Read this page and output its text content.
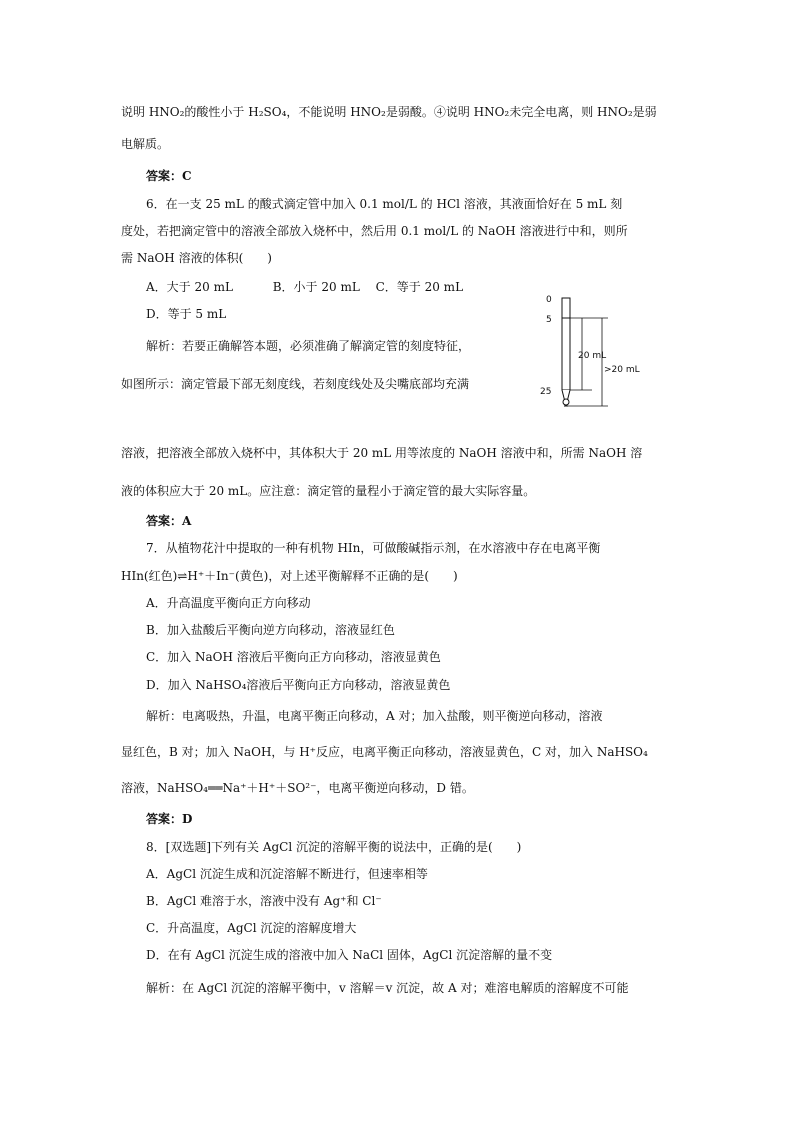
说明 HNO₂的酸性小于 H₂SO₄，不能说明 HNO₂是弱酸。④说明 HNO₂未完全电离，则 HNO₂是弱
电解质。
答案：C
6．在一支 25 mL 的酸式滴定管中加入 0.1 mol/L 的 HCl 溶液，其液面恰好在 5 mL 刻
度处，若把滴定管中的溶液全部放入烧杯中，然后用 0.1 mol/L 的 NaOH 溶液进行中和，则所
需 NaOH 溶液的体积(　　)
A．大于 20 mL　　　 B．小于 20 mL　 C．等于 20 mL
D．等于 5 mL
解析：若要正确解答本题，必须准确了解滴定管的刻度特征，
如图所示：滴定管最下部无刻度线，若刻度线处及尖嘴底部均充满
0
5
25
20 mL
>20 mL
溶液，把溶液全部放入烧杯中，其体积大于 20 mL 用等浓度的 NaOH 溶液中和，所需 NaOH 溶
液的体积应大于 20 mL。应注意：滴定管的量程小于滴定管的最大实际容量。
答案：A
7．从植物花汁中提取的一种有机物 HIn，可做酸碱指示剂，在水溶液中存在电离平衡
HIn(红色)⇌H⁺＋In⁻(黄色)，对上述平衡解释不正确的是(　　)
A．升高温度平衡向正方向移动
B．加入盐酸后平衡向逆方向移动，溶液显红色
C．加入 NaOH 溶液后平衡向正方向移动，溶液显黄色
D．加入 NaHSO₄溶液后平衡向正方向移动，溶液显黄色
解析：电离吸热，升温，电离平衡正向移动，A 对；加入盐酸，则平衡逆向移动，溶液
显红色，B 对；加入 NaOH，与 H⁺反应，电离平衡正向移动，溶液显黄色，C 对，加入 NaHSO₄
溶液，NaHSO₄══Na⁺＋H⁺＋SO²⁻，电离平衡逆向移动，D 错。
答案：D
8．[双选题]下列有关 AgCl 沉淀的溶解平衡的说法中，正确的是(　　)
A．AgCl 沉淀生成和沉淀溶解不断进行，但速率相等
B．AgCl 难溶于水，溶液中没有 Ag⁺和 Cl⁻
C．升高温度，AgCl 沉淀的溶解度增大
D．在有 AgCl 沉淀生成的溶液中加入 NaCl 固体，AgCl 沉淀溶解的量不变
解析：在 AgCl 沉淀的溶解平衡中，v 溶解＝v 沉淀，故 A 对；难溶电解质的溶解度不可能
